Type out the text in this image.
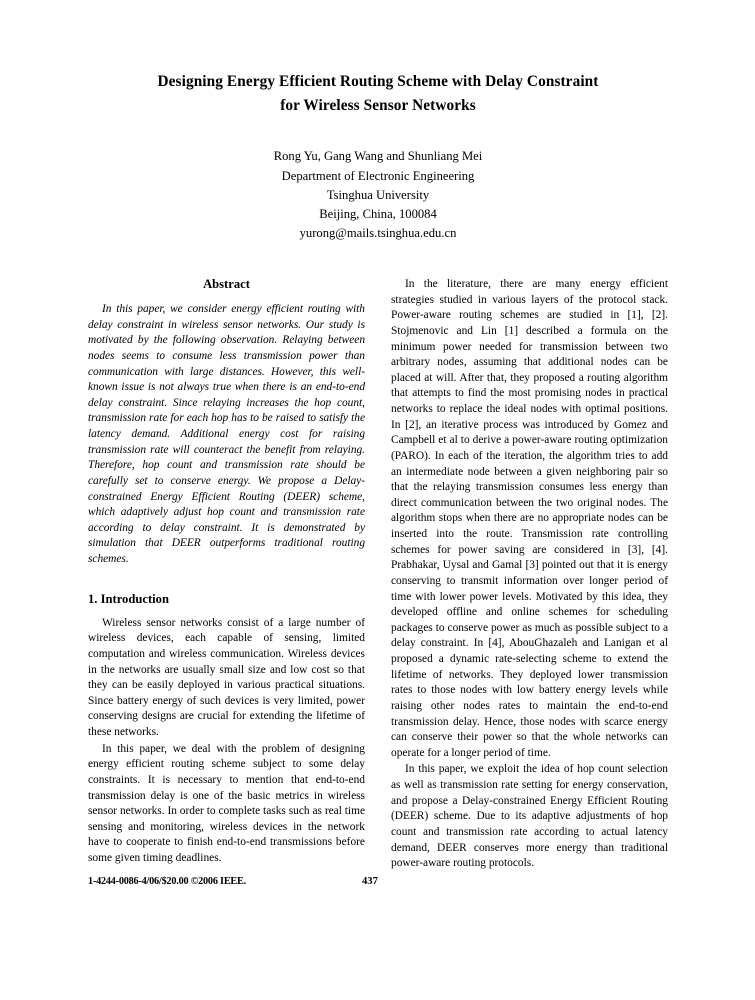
Designing Energy Efficient Routing Scheme with Delay Constraint
for Wireless Sensor Networks
Rong Yu, Gang Wang and Shunliang Mei
Department of Electronic Engineering
Tsinghua University
Beijing, China, 100084
yurong@mails.tsinghua.edu.cn
Abstract

In this paper, we consider energy efficient routing with delay constraint in wireless sensor networks. Our study is motivated by the following observation. Relaying between nodes seems to consume less transmission power than communication with large distances. However, this well-known issue is not always true when there is an end-to-end delay constraint. Since relaying increases the hop count, transmission rate for each hop has to be raised to satisfy the latency demand. Additional energy cost for raising transmission rate will counteract the benefit from relaying. Therefore, hop count and transmission rate should be carefully set to conserve energy. We propose a Delay-constrained Energy Efficient Routing (DEER) scheme, which adaptively adjust hop count and transmission rate according to delay constraint. It is demonstrated by simulation that DEER outperforms traditional routing schemes.

1. Introduction

Wireless sensor networks consist of a large number of wireless devices, each capable of sensing, limited computation and wireless communication. Wireless devices in the networks are usually small size and low cost so that they can be easily deployed in various practical situations. Since battery energy of such devices is very limited, power conserving designs are crucial for extending the lifetime of these networks.

In this paper, we deal with the problem of designing energy efficient routing scheme subject to some delay constraints. It is necessary to mention that end-to-end transmission delay is one of the basic metrics in wireless sensor networks. In order to complete tasks such as real time sensing and monitoring, wireless devices in the network have to cooperate to finish end-to-end transmissions before some given timing deadlines.

In the literature, there are many energy efficient strategies studied in various layers of the protocol stack. Power-aware routing schemes are studied in [1], [2]. Stojmenovic and Lin [1] described a formula on the minimum power needed for transmission between two arbitrary nodes, assuming that additional nodes can be placed at will. After that, they proposed a routing algorithm that attempts to find the most promising nodes in practical networks to replace the ideal nodes with optimal positions. In [2], an iterative process was introduced by Gomez and Campbell et al to derive a power-aware routing optimization (PARO). In each of the iteration, the algorithm tries to add an intermediate node between a given neighboring pair so that the relaying transmission consumes less energy than direct communication between the two original nodes. The algorithm stops when there are no appropriate nodes can be inserted into the route. Transmission rate controlling schemes for power saving are considered in [3], [4]. Prabhakar, Uysal and Gamal [3] pointed out that it is energy conserving to transmit information over longer period of time with lower power levels. Motivated by this idea, they developed offline and online schemes for scheduling packages to conserve power as much as possible subject to a delay constraint. In [4], AbouGhazaleh and Lanigan et al proposed a dynamic rate-selecting scheme to extend the lifetime of networks. They deployed lower transmission rates to those nodes with low battery energy levels while raising other nodes rates to maintain the end-to-end transmission delay. Hence, those nodes with scarce energy can conserve their power so that the whole networks can operate for a longer period of time.

In this paper, we exploit the idea of hop count selection as well as transmission rate setting for energy conservation, and propose a Delay-constrained Energy Efficient Routing (DEER) scheme. Due to its adaptive adjustments of hop count and transmission rate according to actual latency demand, DEER conserves more energy than traditional power-aware routing protocols.

1-4244-0086-4/06/$20.00 ©2006 IEEE.	437
